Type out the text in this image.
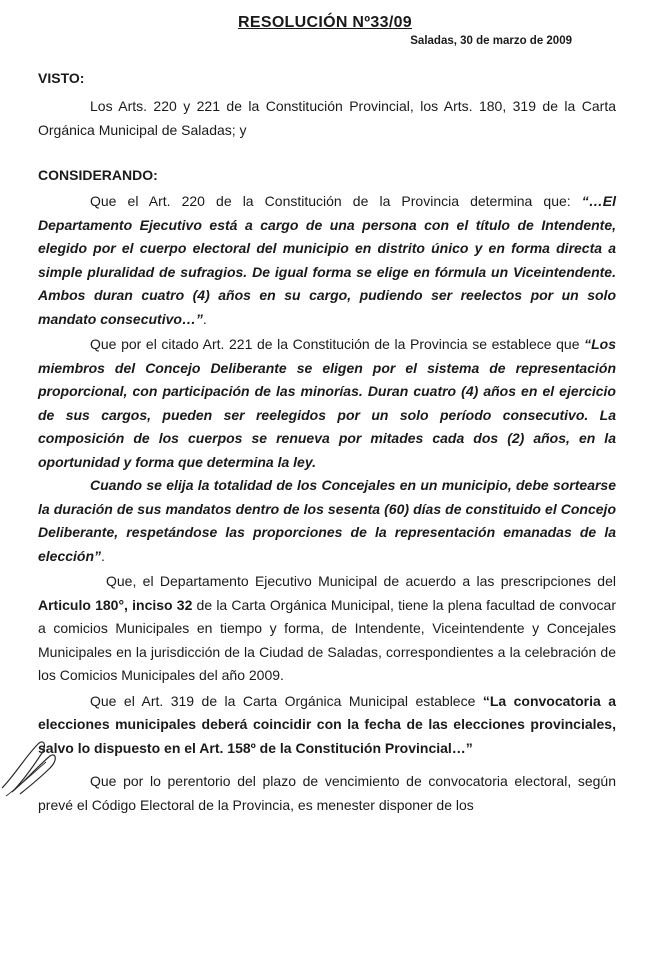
RESOLUCIÓN Nº33/09
Saladas, 30 de marzo de 2009
VISTO:

Los Arts. 220 y 221 de la Constitución Provincial, los Arts. 180, 319 de la Carta Orgánica Municipal de Saladas; y

CONSIDERANDO:

Que el Art. 220 de la Constitución de la Provincia determina que: “…El Departamento Ejecutivo está a cargo de una persona con el título de Intendente, elegido por el cuerpo electoral del municipio en distrito único y en forma directa a simple pluralidad de sufragios. De igual forma se elige en fórmula un Viceintendente. Ambos duran cuatro (4) años en su cargo, pudiendo ser reelectos por un solo mandato consecutivo…”.

Que por el citado Art. 221 de la Constitución de la Provincia se establece que “Los miembros del Concejo Deliberante se eligen por el sistema de representación proporcional, con participación de las minorías. Duran cuatro (4) años en el ejercicio de sus cargos, pueden ser reelegidos por un solo período consecutivo. La composición de los cuerpos se renueva por mitades cada dos (2) años, en la oportunidad y forma que determina la ley.

Cuando se elija la totalidad de los Concejales en un municipio, debe sortearse la duración de sus mandatos dentro de los sesenta (60) días de constituido el Concejo Deliberante, respetándose las proporciones de la representación emanadas de la elección”.

Que, el Departamento Ejecutivo Municipal de acuerdo a las prescripciones del Articulo 180°, inciso 32 de la Carta Orgánica Municipal, tiene la plena facultad de convocar a comicios Municipales en tiempo y forma, de Intendente, Viceintendente y Concejales Municipales en la jurisdicción de la Ciudad de Saladas, correspondientes a la celebración de los Comicios Municipales del año 2009.

Que el Art. 319 de la Carta Orgánica Municipal establece “La convocatoria a elecciones municipales deberá coincidir con la fecha de las elecciones provinciales, salvo lo dispuesto en el Art. 158º de la Constitución Provincial…”

Que por lo perentorio del plazo de vencimiento de convocatoria electoral, según prevé el Código Electoral de la Provincia, es menester disponer de los
